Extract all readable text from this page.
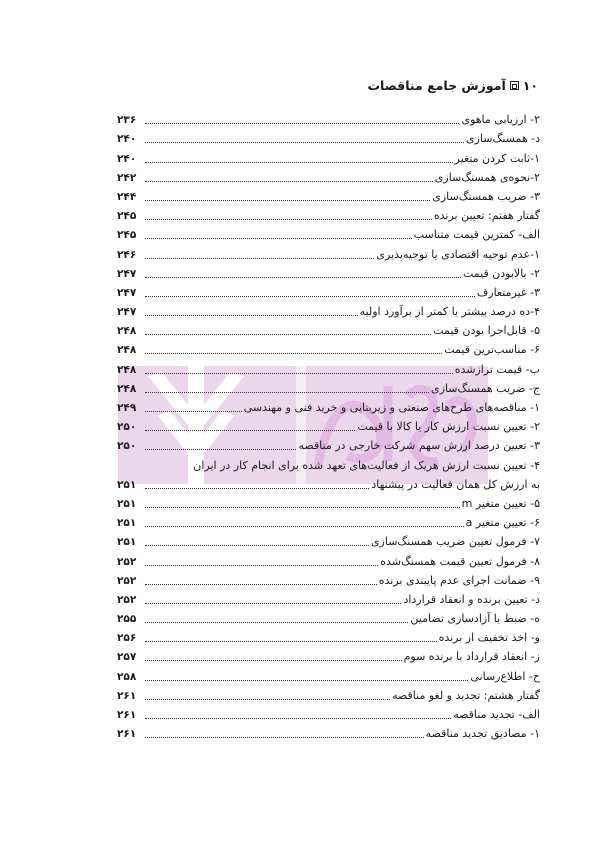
۱۰
آموزش جامع مناقصات
۲- ارزیابی ماهوی
۲۳۶
د- همسنگ‌سازی
۲۴۰
۱-ثابت کردن متغیر
۲۴۰
۲-نحوه‌ی همسنگ‌سازی
۲۴۲
۳- ضریب همسنگ‌سازی
۲۴۴
گفتار هفتم: تعیین برنده
۲۴۵
الف- کمترین قیمت متناسب
۲۴۵
۱-عدم توجیه اقتصادی یا توجیه‌پذیری
۲۴۶
۲- بالابودن قیمت
۲۴۷
۳- غیرمتعارف
۲۴۷
۴-ده درصد بیشتر یا کمتر از برآورد اولیه
۲۴۷
۵- قابل‌اجرا بودن قیمت
۲۴۸
۶- مناسب‌ترین قیمت
۲۴۸
ب- قیمت ترازشده
۲۴۸
ج- ضریب همسنگ‌سازی
۲۴۸
۱- مناقصه‌های طرح‌های صنعتی و زیربنایی و خرید فنی و مهندسی
۲۴۹
۲- تعیین نسبت ارزش کار یا کالا با قیمت
۲۵۰
۳- تعیین درصد ارزش سهم شرکت خارجی در مناقصه
۲۵۰
۴- تعیین نسبت ارزش هریک از فعالیت‌های تعهد شده برای انجام کار در ایران
به ارزش کل همان فعالیت در پیشنهاد
۲۵۱
۵- تعیین متغیر m
۲۵۱
۶- تعیین متغیر a
۲۵۱
۷- فرمول تعیین ضریب همسنگ‌سازی
۲۵۱
۸- فرمول تعیین قیمت همسنگ‌شده
۲۵۲
۹- ضمانت اجرای عدم پایبندی برنده
۲۵۲
د- تعیین برنده و انعقاد قرارداد
۲۵۲
ه- ضبط یا آزادسازی تضامین
۲۵۵
و- اخذ تخفیف از برنده
۲۵۶
ز- انعقاد قرارداد با برنده سوم
۲۵۷
ح- اطلاع‌رسانی
۲۵۸
گفتار هشتم: تجدید و لغو مناقصه
۲۶۱
الف- تجدید مناقصه
۲۶۱
۱- مصادیق تجدید مناقصه
۲۶۱
